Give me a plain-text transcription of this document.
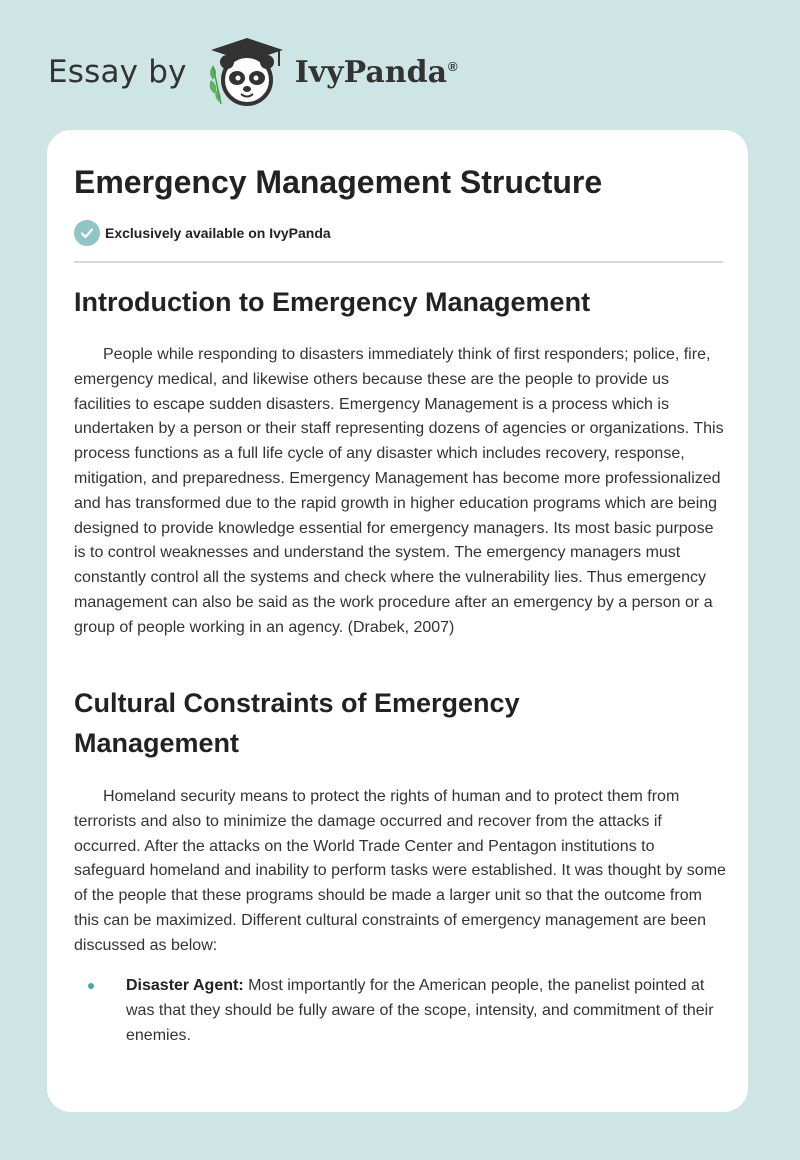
Essay by	IvyPanda ®
Emergency Management Structure
Exclusively available on IvyPanda
Introduction to Emergency Management

People while responding to disasters immediately think of first responders; police, fire, emergency medical, and likewise others because these are the people to provide us facilities to escape sudden disasters. Emergency Management is a process which is undertaken by a person or their staff representing dozens of agencies or organizations. This process functions as a full life cycle of any disaster which includes recovery, response, mitigation, and preparedness. Emergency Management has become more professionalized and has transformed due to the rapid growth in higher education programs which are being designed to provide knowledge essential for emergency managers. Its most basic purpose is to control weaknesses and understand the system. The emergency managers must constantly control all the systems and check where the vulnerability lies. Thus emergency management can also be said as the work procedure after an emergency by a person or a group of people working in an agency. (Drabek, 2007)

Cultural Constraints of Emergency Management

Homeland security means to protect the rights of human and to protect them from terrorists and also to minimize the damage occurred and recover from the attacks if occurred. After the attacks on the World Trade Center and Pentagon institutions to safeguard homeland and inability to perform tasks were established. It was thought by some of the people that these programs should be made a larger unit so that the outcome from this can be maximized. Different cultural constraints of emergency management are been discussed as below:

Disaster Agent: Most importantly for the American people, the panelist pointed at was that they should be fully aware of the scope, intensity, and commitment of their enemies.
